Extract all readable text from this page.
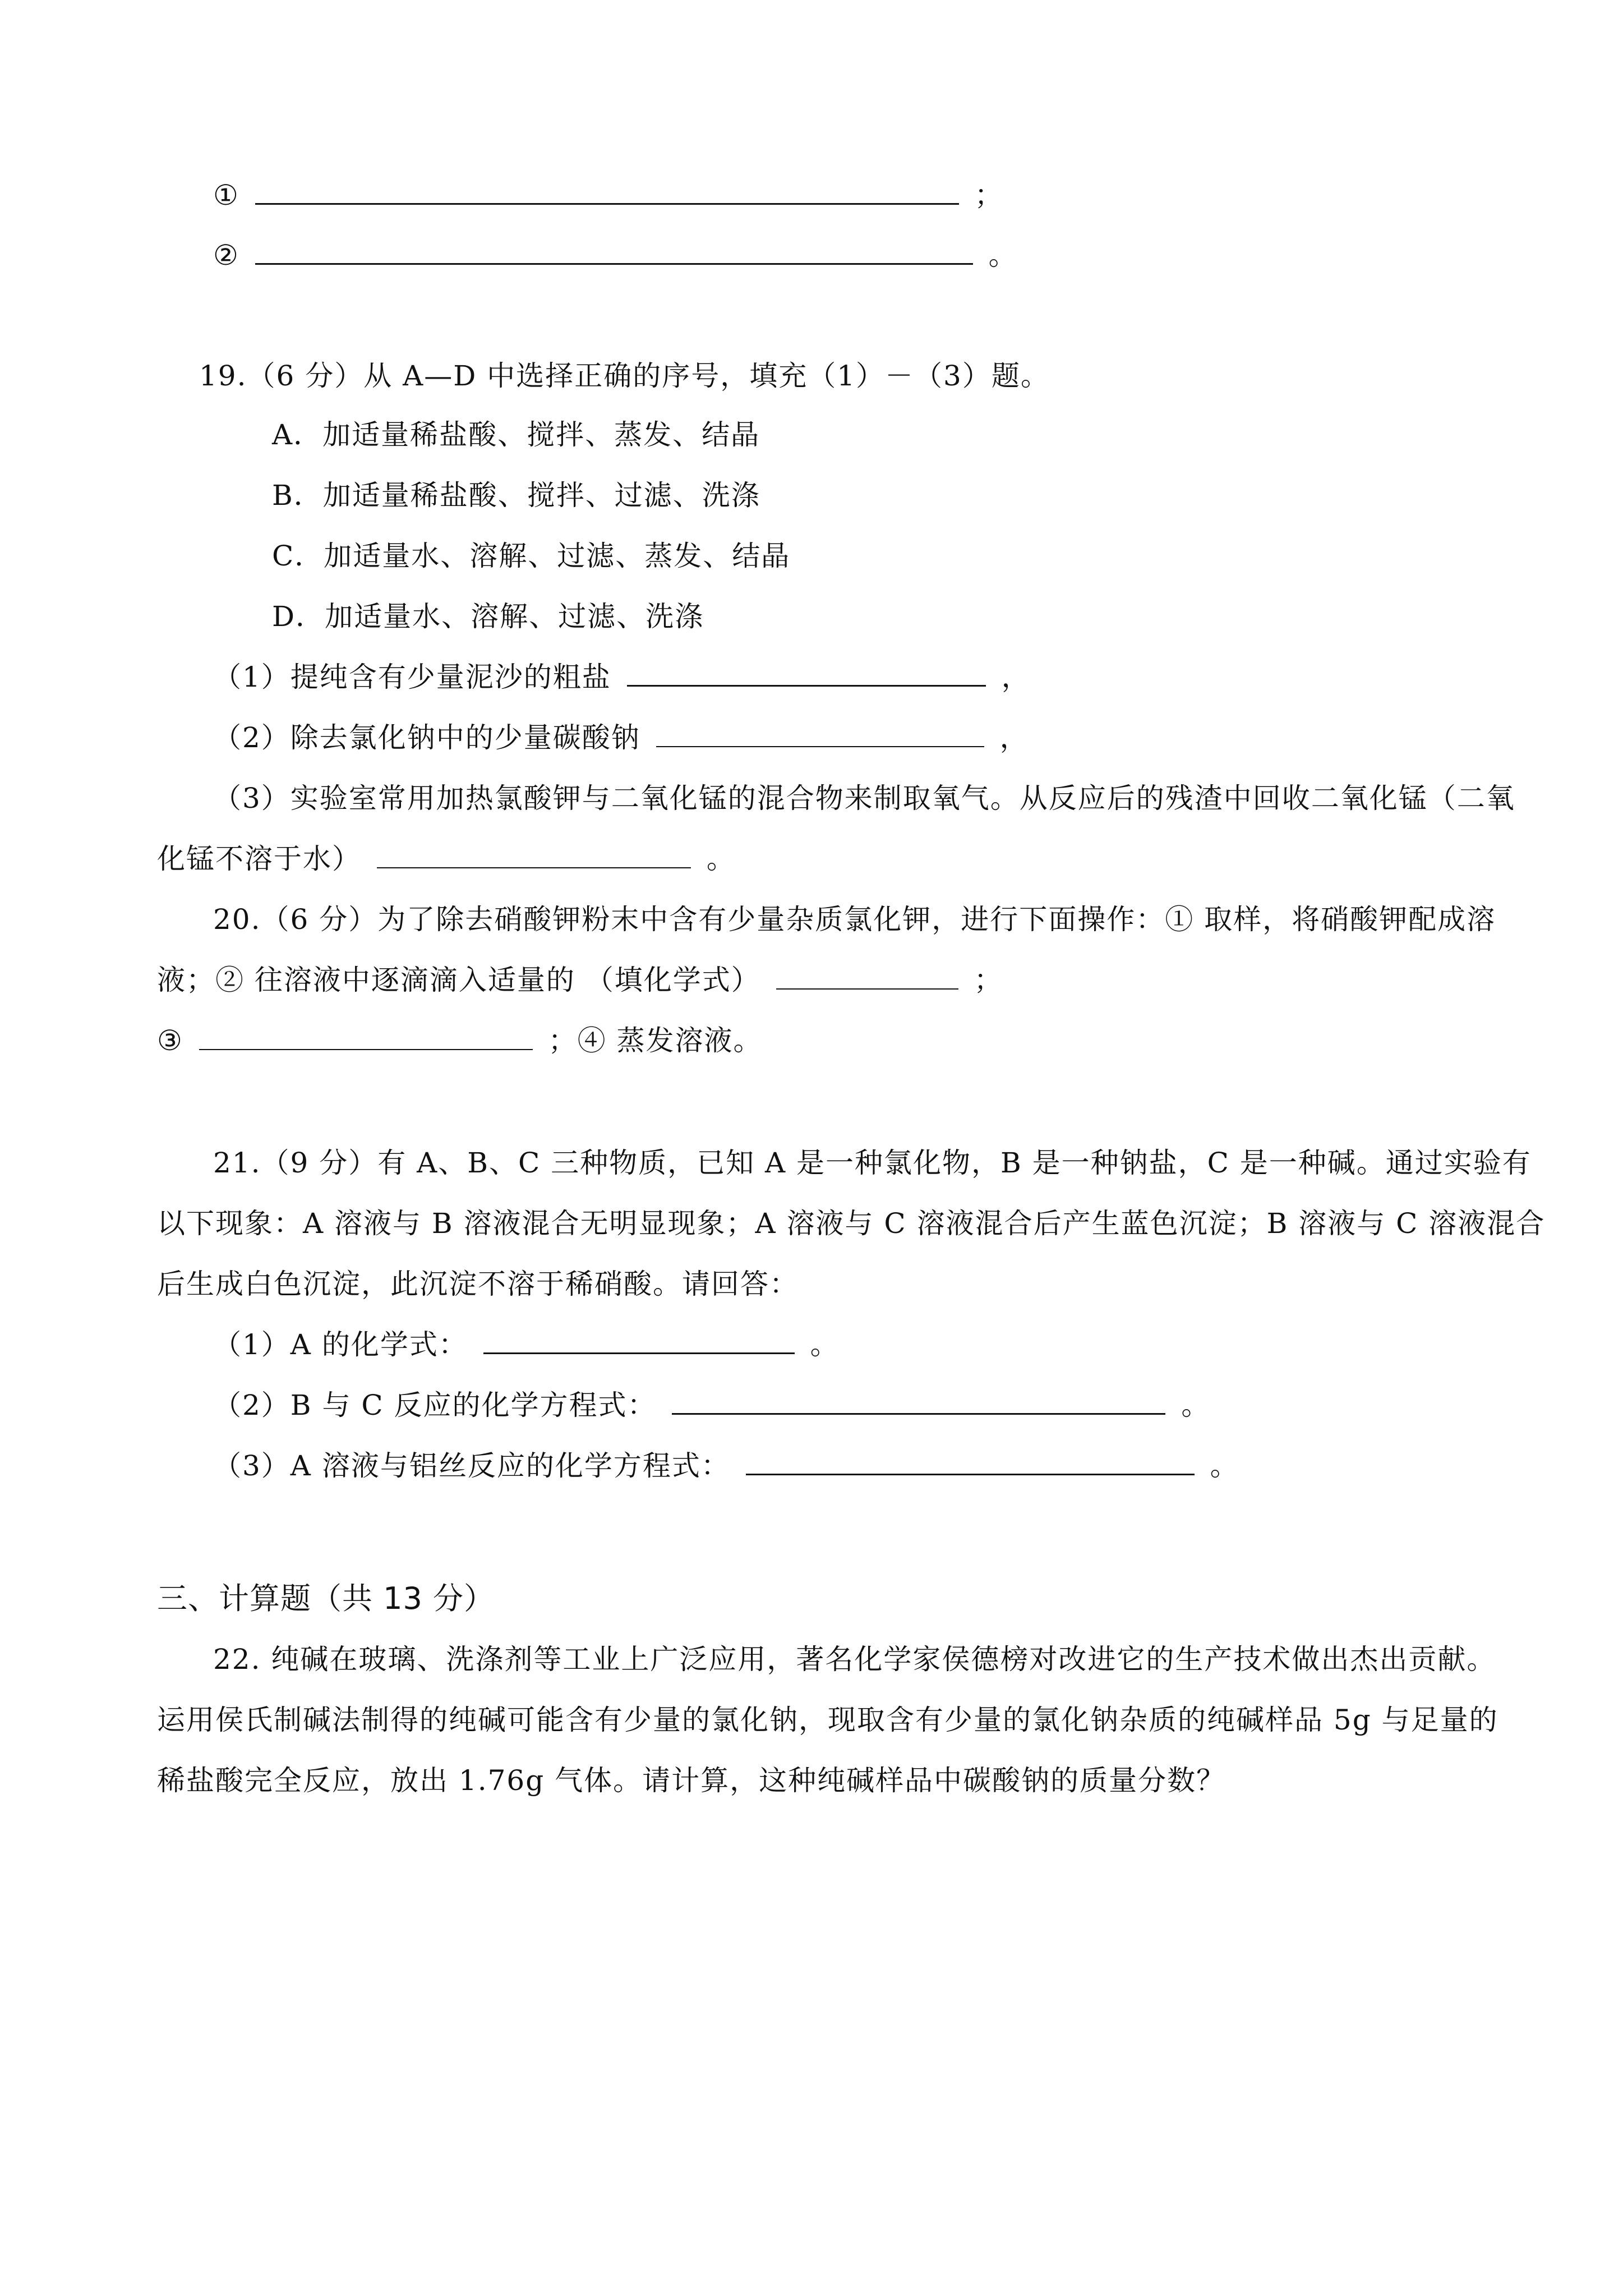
①	；
②	。
19.（6 分）从 A—D 中选择正确的序号，填充（1）－（3）题。
A．加适量稀盐酸、搅拌、蒸发、结晶
B．加适量稀盐酸、搅拌、过滤、洗涤
C．加适量水、溶解、过滤、蒸发、结晶
D．加适量水、溶解、过滤、洗涤
（1）提纯含有少量泥沙的粗盐	，
（2）除去氯化钠中的少量碳酸钠	，
（3）实验室常用加热氯酸钾与二氧化锰的混合物来制取氧气。从反应后的残渣中回收二氧化锰（二氧
化锰不溶于水）	。
20.（6 分）为了除去硝酸钾粉末中含有少量杂质氯化钾，进行下面操作：① 取样，将硝酸钾配成溶
液；② 往溶液中逐滴滴入适量的 （填化学式）	；
③	；④ 蒸发溶液。
21.（9 分）有 A、B、C 三种物质，已知 A 是一种氯化物，B 是一种钠盐，C 是一种碱。通过实验有
以下现象：A 溶液与 B 溶液混合无明显现象；A 溶液与 C 溶液混合后产生蓝色沉淀；B 溶液与 C 溶液混合
后生成白色沉淀，此沉淀不溶于稀硝酸。请回答：
（1）A 的化学式：	。
（2）B 与 C 反应的化学方程式：	。
（3）A 溶液与铝丝反应的化学方程式：	。
三、计算题（共 13 分）
22. 纯碱在玻璃、洗涤剂等工业上广泛应用，著名化学家侯德榜对改进它的生产技术做出杰出贡献。
运用侯氏制碱法制得的纯碱可能含有少量的氯化钠，现取含有少量的氯化钠杂质的纯碱样品 5g 与足量的
稀盐酸完全反应，放出 1.76g 气体。请计算，这种纯碱样品中碳酸钠的质量分数？
